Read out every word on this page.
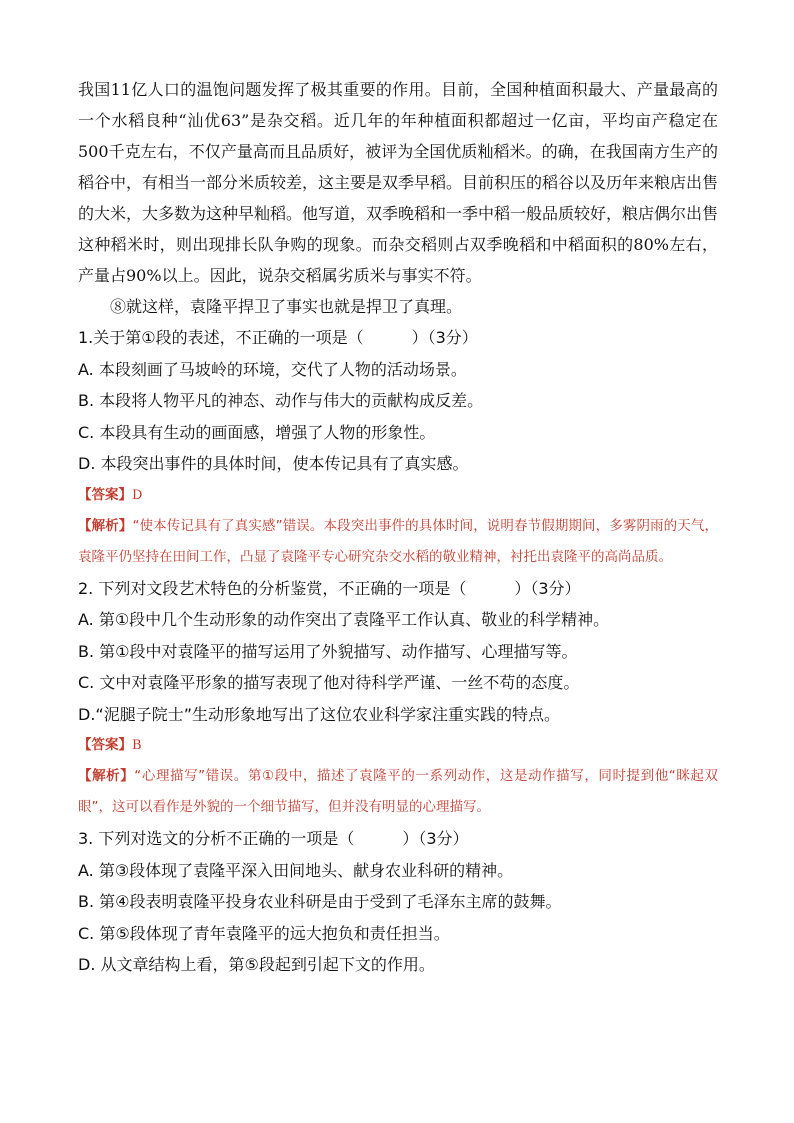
我国11亿人口的温饱问题发挥了极其重要的作用。目前，全国种植面积最大、产量最高的一个水稻良种“汕优63”是杂交稻。近几年的年种植面积都超过一亿亩，平均亩产稳定在500千克左右，不仅产量高而且品质好，被评为全国优质籼稻米。的确，在我国南方生产的稻谷中，有相当一部分米质较差，这主要是双季早稻。目前积压的稻谷以及历年来粮店出售的大米，大多数为这种早籼稻。他写道，双季晚稻和一季中稻一般品质较好，粮店偶尔出售这种稻米时，则出现排长队争购的现象。而杂交稻则占双季晚稻和中稻面积的80%左右，产量占90%以上。因此，说杂交稻属劣质米与事实不符。

⑧就这样，袁隆平捍卫了事实也就是捍卫了真理。

1.关于第①段的表述，不正确的一项是（　　　）（3分）

A. 本段刻画了马坡岭的环境，交代了人物的活动场景。

B. 本段将人物平凡的神态、动作与伟大的贡献构成反差。

C. 本段具有生动的画面感，增强了人物的形象性。

D. 本段突出事件的具体时间，使本传记具有了真实感。

【答案】D

【解析】“使本传记具有了真实感”错误。本段突出事件的具体时间，说明春节假期期间，多雾阴雨的天气，袁隆平仍坚持在田间工作，凸显了袁隆平专心研究杂交水稻的敬业精神，衬托出袁隆平的高尚品质。

2. 下列对文段艺术特色的分析鉴赏，不正确的一项是（　　　）（3分）

A. 第①段中几个生动形象的动作突出了袁隆平工作认真、敬业的科学精神。

B. 第①段中对袁隆平的描写运用了外貌描写、动作描写、心理描写等。

C. 文中对袁隆平形象的描写表现了他对待科学严谨、一丝不苟的态度。

D.“泥腿子院士”生动形象地写出了这位农业科学家注重实践的特点。

【答案】B

【解析】“心理描写”错误。第①段中，描述了袁隆平的一系列动作，这是动作描写，同时提到他“眯起双眼”，这可以看作是外貌的一个细节描写，但并没有明显的心理描写。

3. 下列对选文的分析不正确的一项是（　　　）（3分）

A. 第③段体现了袁隆平深入田间地头、献身农业科研的精神。

B. 第④段表明袁隆平投身农业科研是由于受到了毛泽东主席的鼓舞。

C. 第⑤段体现了青年袁隆平的远大抱负和责任担当。

D. 从文章结构上看，第⑤段起到引起下文的作用。
